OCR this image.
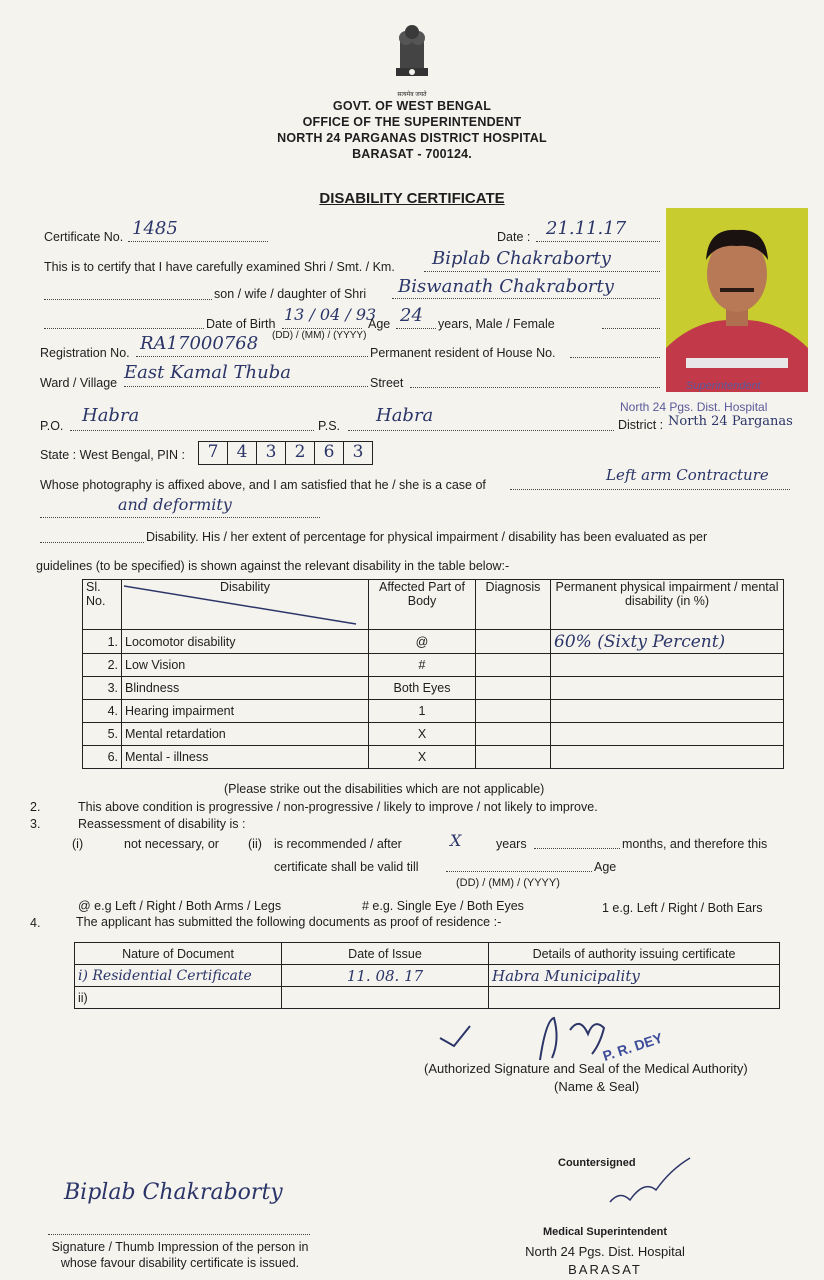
सत्यमेव जयते
GOVT. OF WEST BENGAL
OFFICE OF THE SUPERINTENDENT
NORTH 24 PARGANAS DISTRICT HOSPITAL
BARASAT - 700124.
DISABILITY CERTIFICATE
Superintendent
North 24 Pgs. Dist. Hospital
Certificate No. 1485	Date : 21.11.17
This is to certify that I have carefully examined Shri / Smt. / Km. Biplab Chakraborty
son / wife / daughter of Shri Biswanath Chakraborty
Date of Birth 13 / 04 / 93
(DD) / (MM) / (YYYY)
Age 24 years, Male / Female
Registration No. RA17000768	Permanent resident of House No.
Ward / Village East Kamal Thuba	Street
P.O. Habra	P.S. Habra	District : North 24 Parganas
State : West Bengal, PIN :	7	4	3	2	6	3
Whose photography is affixed above, and I am satisfied that he / she is a case of
Left arm Contracture
and deformity
Disability. His / her extent of percentage for physical impairment / disability has been evaluated as per
guidelines (to be specified) is shown against the relevant disability in the table below:-
Sl. No.	Disability	Affected Part of Body	Diagnosis	Permanent physical impairment / mental disability (in %)
1.	Locomotor disability	@		60% (Sixty Percent)
2.	Low Vision	#		
3.	Blindness	Both Eyes		
4.	Hearing impairment	1		
5.	Mental retardation	X		
6.	Mental - illness	X		
(Please strike out the disabilities which are not applicable)
2.	This above condition is progressive / non-progressive / likely to improve / not likely to improve.
3.	Reassessment of disability is :
(i)	not necessary, or (ii) is recommended / after	X	years	months, and therefore this
certificate shall be valid till	Age
(DD) / (MM) / (YYYY)
@ e.g Left / Right / Both Arms / Legs	# e.g. Single Eye / Both Eyes	1 e.g. Left / Right / Both Ears
4.	The applicant has submitted the following documents as proof of residence :-
Nature of Document	Date of Issue	Details of authority issuing certificate
i) Residential Certificate	11. 08. 17	Habra Municipality
ii)		
P. R. DEY
(Authorized Signature and Seal of the Medical Authority)
(Name & Seal)
Countersigned
Biplab Chakraborty
Signature / Thumb Impression of the person in
whose favour disability certificate is issued.
Medical Superintendent
North 24 Pgs. Dist. Hospital
BARASAT
